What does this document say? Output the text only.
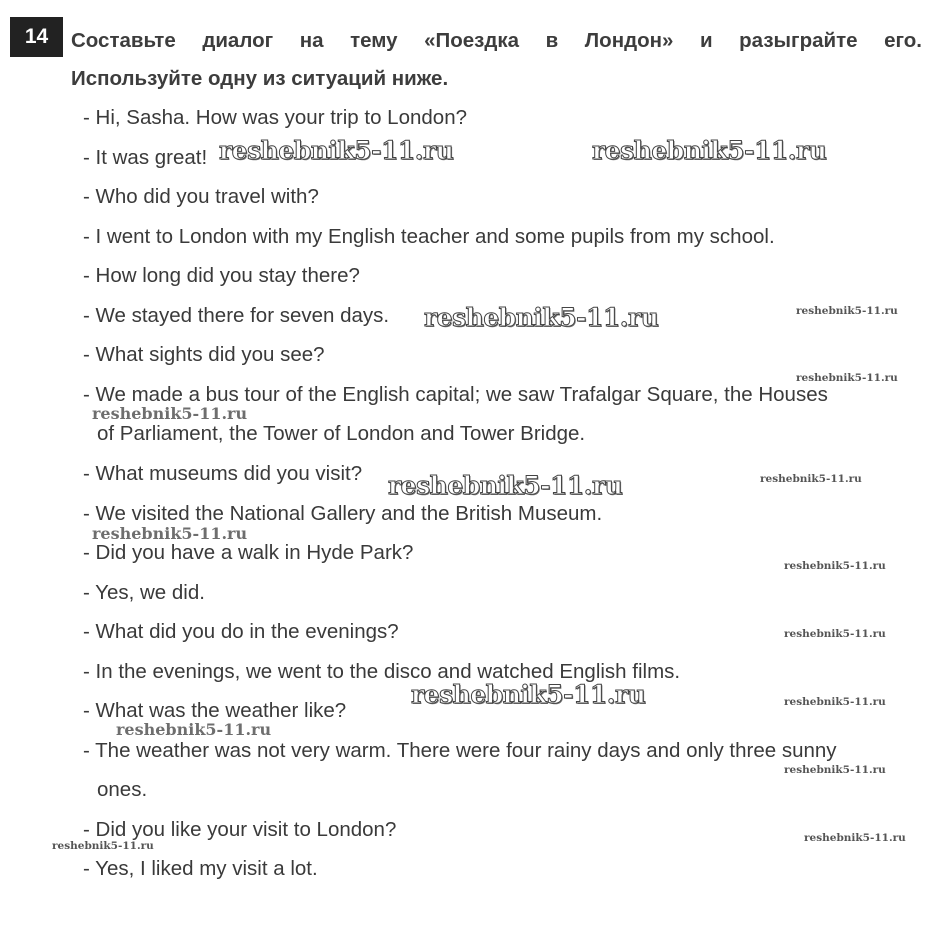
14	Составьте диалог на тему «Поездка в Лондон» и разыграйте его.
Используйте одну из ситуаций ниже.
- Hi, Sasha. How was your trip to London?
- It was great!
- Who did you travel with?
- I went to London with my English teacher and some pupils from my school.
- How long did you stay there?
- We stayed there for seven days.
- What sights did you see?
- We made a bus tour of the English capital; we saw Trafalgar Square, the Houses
of Parliament, the Tower of London and Tower Bridge.
- What museums did you visit?
- We visited the National Gallery and the British Museum.
- Did you have a walk in Hyde Park?
- Yes, we did.
- What did you do in the evenings?
- In the evenings, we went to the disco and watched English films.
- What was the weather like?
- The weather was not very warm. There were four rainy days and only three sunny
ones.
- Did you like your visit to London?
- Yes, I liked my visit a lot.
reshebnik5-11.ru	reshebnik5-11.ru
reshebnik5-11.ru
reshebnik5-11.ru
reshebnik5-11.ru
reshebnik5-11.ru
reshebnik5-11.ru
reshebnik5-11.ru
reshebnik5-11.ru
reshebnik5-11.ru
reshebnik5-11.ru
reshebnik5-11.ru
reshebnik5-11.ru
reshebnik5-11.ru
reshebnik5-11.ru
reshebnik5-11.ru
reshebnik5-11.ru
